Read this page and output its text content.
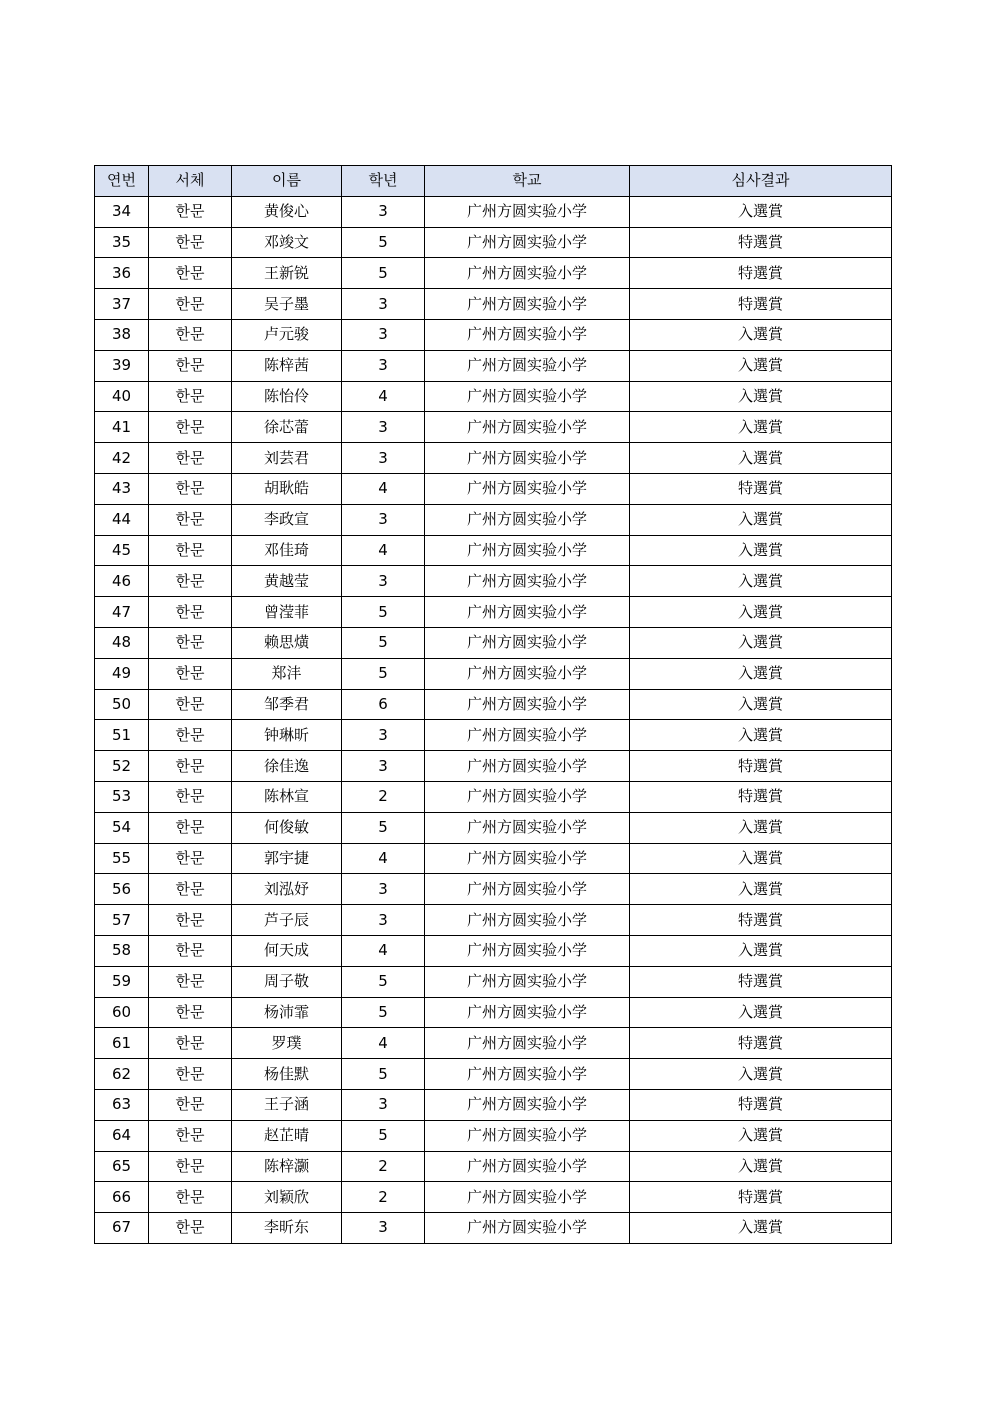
연번	서체	이름	학년	학교	심사결과
34	한문	黄俊心	3	广州方圆实验小学	入選賞
35	한문	邓竣文	5	广州方圆实验小学	特選賞
36	한문	王新锐	5	广州方圆实验小学	特選賞
37	한문	吴子墨	3	广州方圆实验小学	特選賞
38	한문	卢元骏	3	广州方圆实验小学	入選賞
39	한문	陈梓茜	3	广州方圆实验小学	入選賞
40	한문	陈怡伶	4	广州方圆实验小学	入選賞
41	한문	徐芯蕾	3	广州方圆实验小学	入選賞
42	한문	刘芸君	3	广州方圆实验小学	入選賞
43	한문	胡耿皓	4	广州方圆实验小学	特選賞
44	한문	李政宣	3	广州方圆实验小学	入選賞
45	한문	邓佳琦	4	广州方圆实验小学	入選賞
46	한문	黄越莹	3	广州方圆实验小学	入選賞
47	한문	曾滢菲	5	广州方圆实验小学	入選賞
48	한문	赖思熿	5	广州方圆实验小学	入選賞
49	한문	郑沣	5	广州方圆实验小学	入選賞
50	한문	邹季君	6	广州方圆实验小学	入選賞
51	한문	钟琳昕	3	广州方圆实验小学	入選賞
52	한문	徐佳逸	3	广州方圆实验小学	特選賞
53	한문	陈林宣	2	广州方圆实验小学	特選賞
54	한문	何俊敏	5	广州方圆实验小学	入選賞
55	한문	郭宇捷	4	广州方圆实验小学	入選賞
56	한문	刘泓妤	3	广州方圆实验小学	入選賞
57	한문	芦子辰	3	广州方圆实验小学	特選賞
58	한문	何天成	4	广州方圆实验小学	入選賞
59	한문	周子敬	5	广州方圆实验小学	特選賞
60	한문	杨沛霏	5	广州方圆实验小学	入選賞
61	한문	罗璞	4	广州方圆实验小学	特選賞
62	한문	杨佳默	5	广州方圆实验小学	入選賞
63	한문	王子涵	3	广州方圆实验小学	特選賞
64	한문	赵芷晴	5	广州方圆实验小学	入選賞
65	한문	陈梓灏	2	广州方圆实验小学	入選賞
66	한문	刘颖欣	2	广州方圆实验小学	特選賞
67	한문	李昕东	3	广州方圆实验小学	入選賞
